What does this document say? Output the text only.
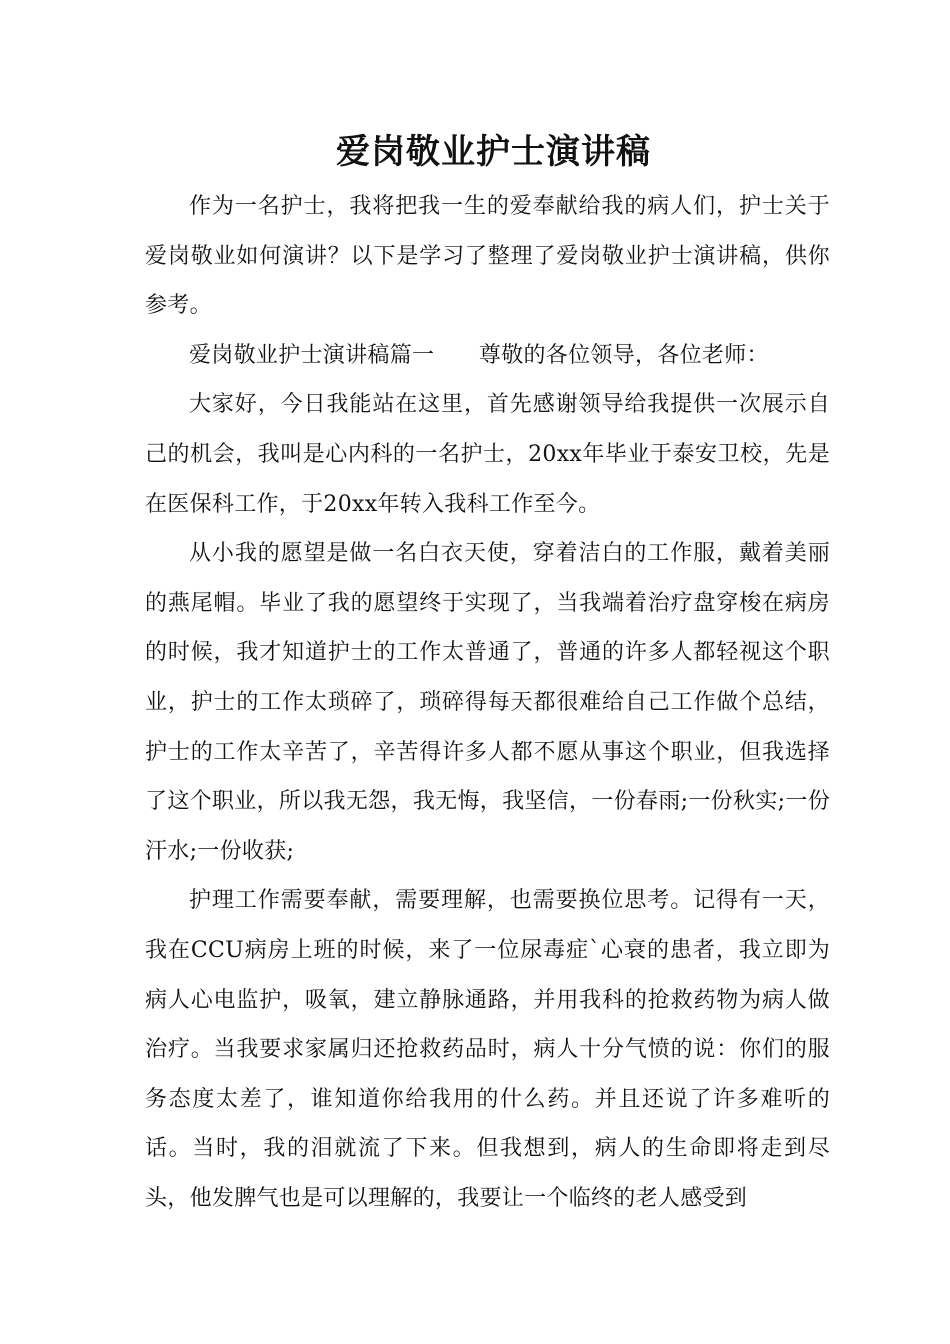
爱岗敬业护士演讲稿

作为一名护士，我将把我一生的爱奉献给我的病人们，护士关于爱岗敬业如何演讲？以下是学习了整理了爱岗敬业护士演讲稿，供你参考。

爱岗敬业护士演讲稿篇一　　尊敬的各位领导，各位老师：

大家好，今日我能站在这里，首先感谢领导给我提供一次展示自己的机会，我叫是心内科的一名护士，20xx年毕业于泰安卫校，先是在医保科工作，于20xx年转入我科工作至今。

从小我的愿望是做一名白衣天使，穿着洁白的工作服，戴着美丽的燕尾帽。毕业了我的愿望终于实现了，当我端着治疗盘穿梭在病房的时候，我才知道护士的工作太普通了，普通的许多人都轻视这个职业，护士的工作太琐碎了，琐碎得每天都很难给自己工作做个总结，护士的工作太辛苦了，辛苦得许多人都不愿从事这个职业，但我选择了这个职业，所以我无怨，我无悔，我坚信，一份春雨;一份秋实;一份汗水;一份收获;

护理工作需要奉献，需要理解，也需要换位思考。记得有一天，我在CCU病房上班的时候，来了一位尿毒症`心衰的患者，我立即为病人心电监护，吸氧，建立静脉通路，并用我科的抢救药物为病人做治疗。当我要求家属归还抢救药品时，病人十分气愤的说：你们的服务态度太差了，谁知道你给我用的什么药。并且还说了许多难听的话。当时，我的泪就流了下来。但我想到，病人的生命即将走到尽头，他发脾气也是可以理解的，我要让一个临终的老人感受到
